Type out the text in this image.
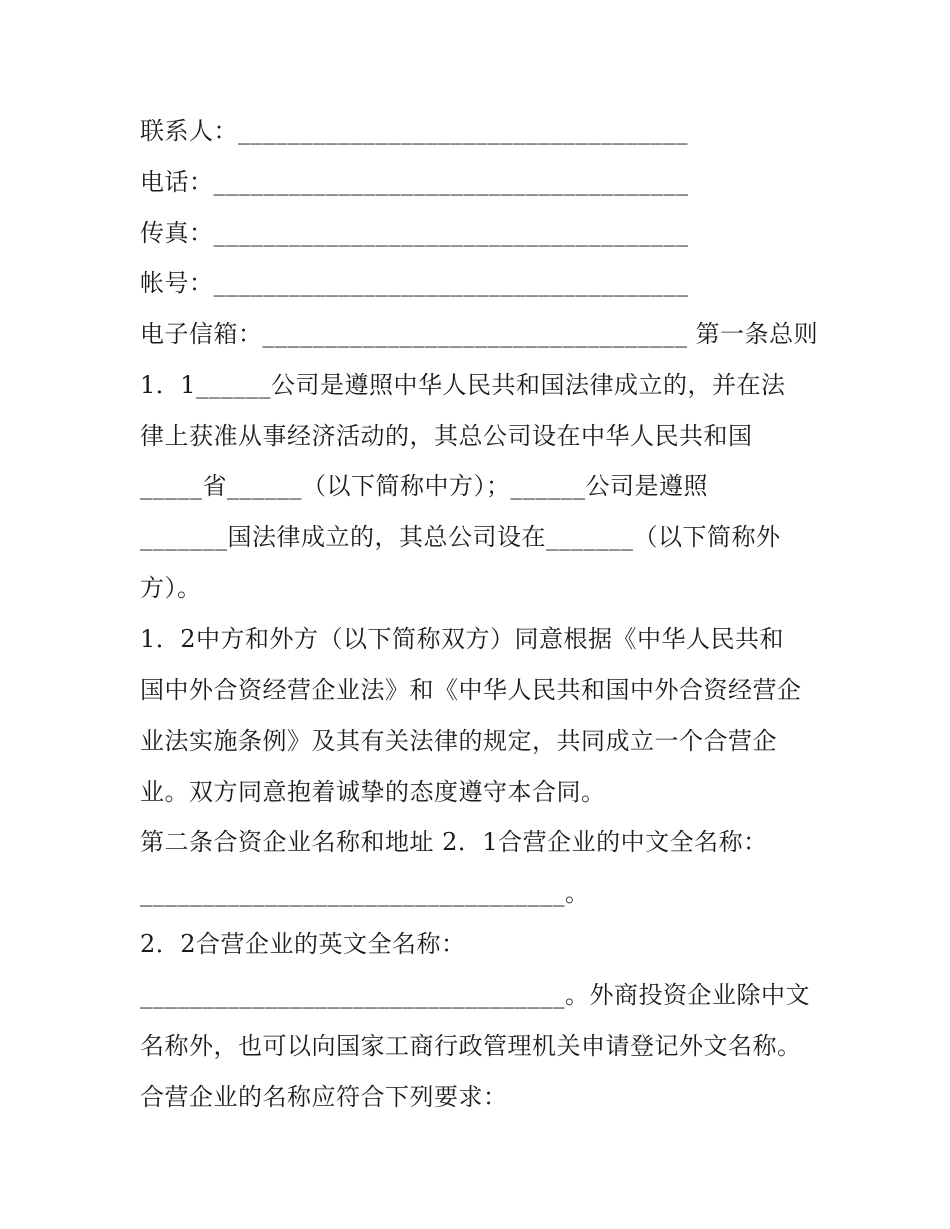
联系人：____________________________________
电话：______________________________________
传真：______________________________________
帐号：______________________________________
电子信箱：__________________________________ 第一条总则
1．1______公司是遵照中华人民共和国法律成立的，并在法
律上获准从事经济活动的，其总公司设在中华人民共和国
_____省______（以下简称中方）；______公司是遵照
_______国法律成立的，其总公司设在_______（以下简称外
方）。
1．2中方和外方（以下简称双方）同意根据《中华人民共和
国中外合资经营企业法》和《中华人民共和国中外合资经营企
业法实施条例》及其有关法律的规定，共同成立一个合营企
业。双方同意抱着诚挚的态度遵守本合同。
第二条合资企业名称和地址 2．1合营企业的中文全名称：
__________________________________。
2．2合营企业的英文全名称：
__________________________________。外商投资企业除中文
名称外，也可以向国家工商行政管理机关申请登记外文名称。
合营企业的名称应符合下列要求：
